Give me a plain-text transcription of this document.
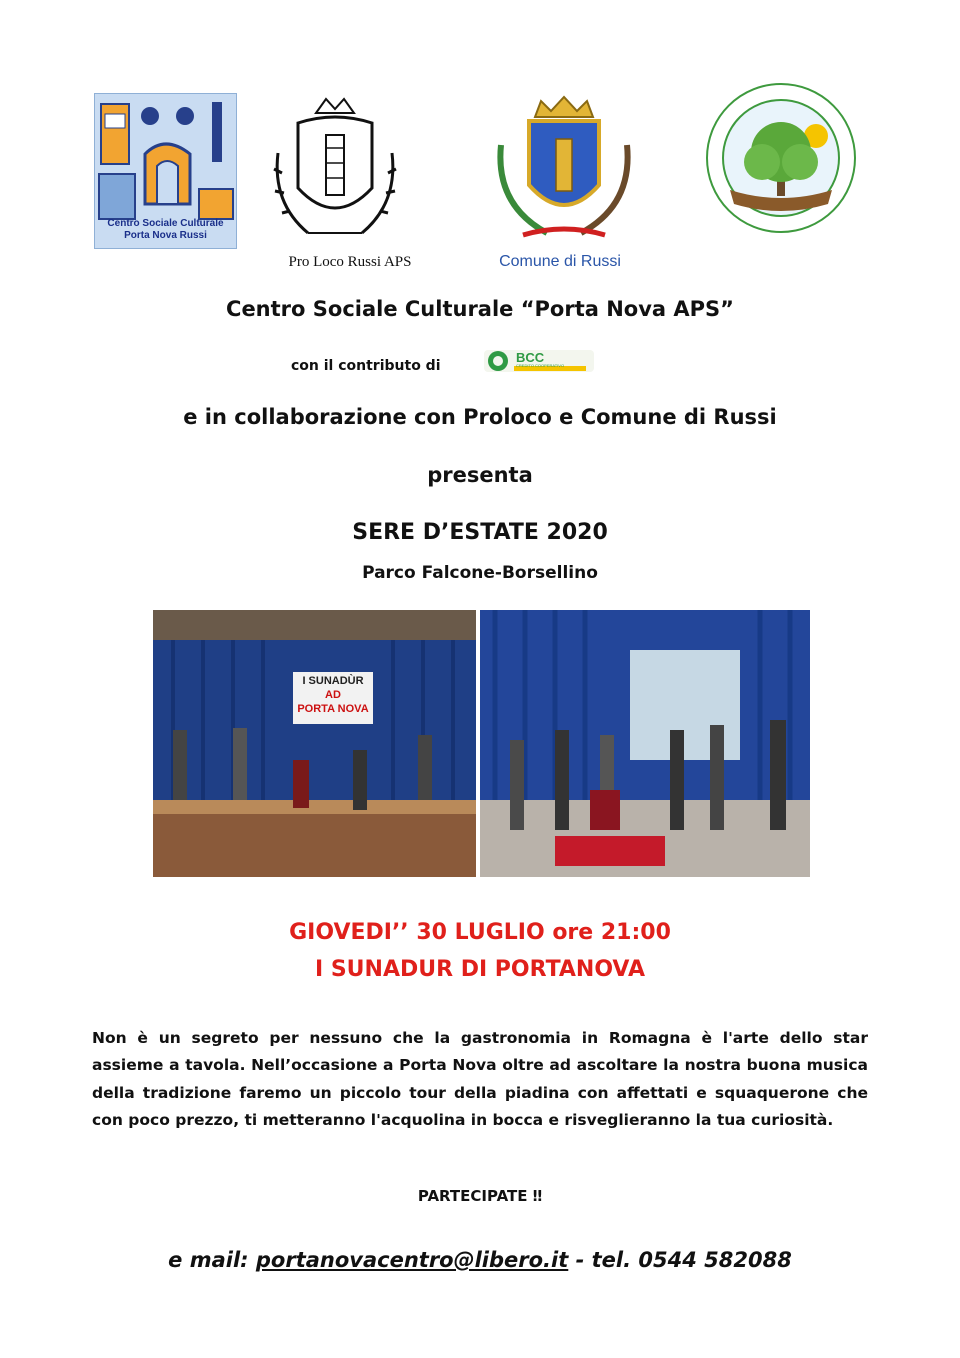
Centro Sociale Culturale
Porta Nova Russi
Pro Loco Russi APS	Comune di Russi
Centro Sociale Culturale “Porta Nova APS”
con il contributo di
BCC
CREDITO COOPERATIVO
e in collaborazione con Proloco e Comune di Russi
presenta
SERE D’ESTATE 2020
Parco Falcone-Borsellino
I SUNADÙR
AD
PORTA NOVA
GIOVEDI’’ 30 LUGLIO ore 21:00
I SUNADUR DI PORTANOVA
Non è un segreto per nessuno che la gastronomia in Romagna è l'arte dello star assieme a tavola. Nell’occasione a Porta Nova oltre ad ascoltare la nostra buona musica della tradizione faremo un piccolo tour della piadina con affettati e squaquerone che con poco prezzo, ti metteranno l'acquolina in bocca e risveglieranno la tua curiosità.
PARTECIPATE ‼
e mail: portanovacentro@libero.it - tel. 0544 582088
